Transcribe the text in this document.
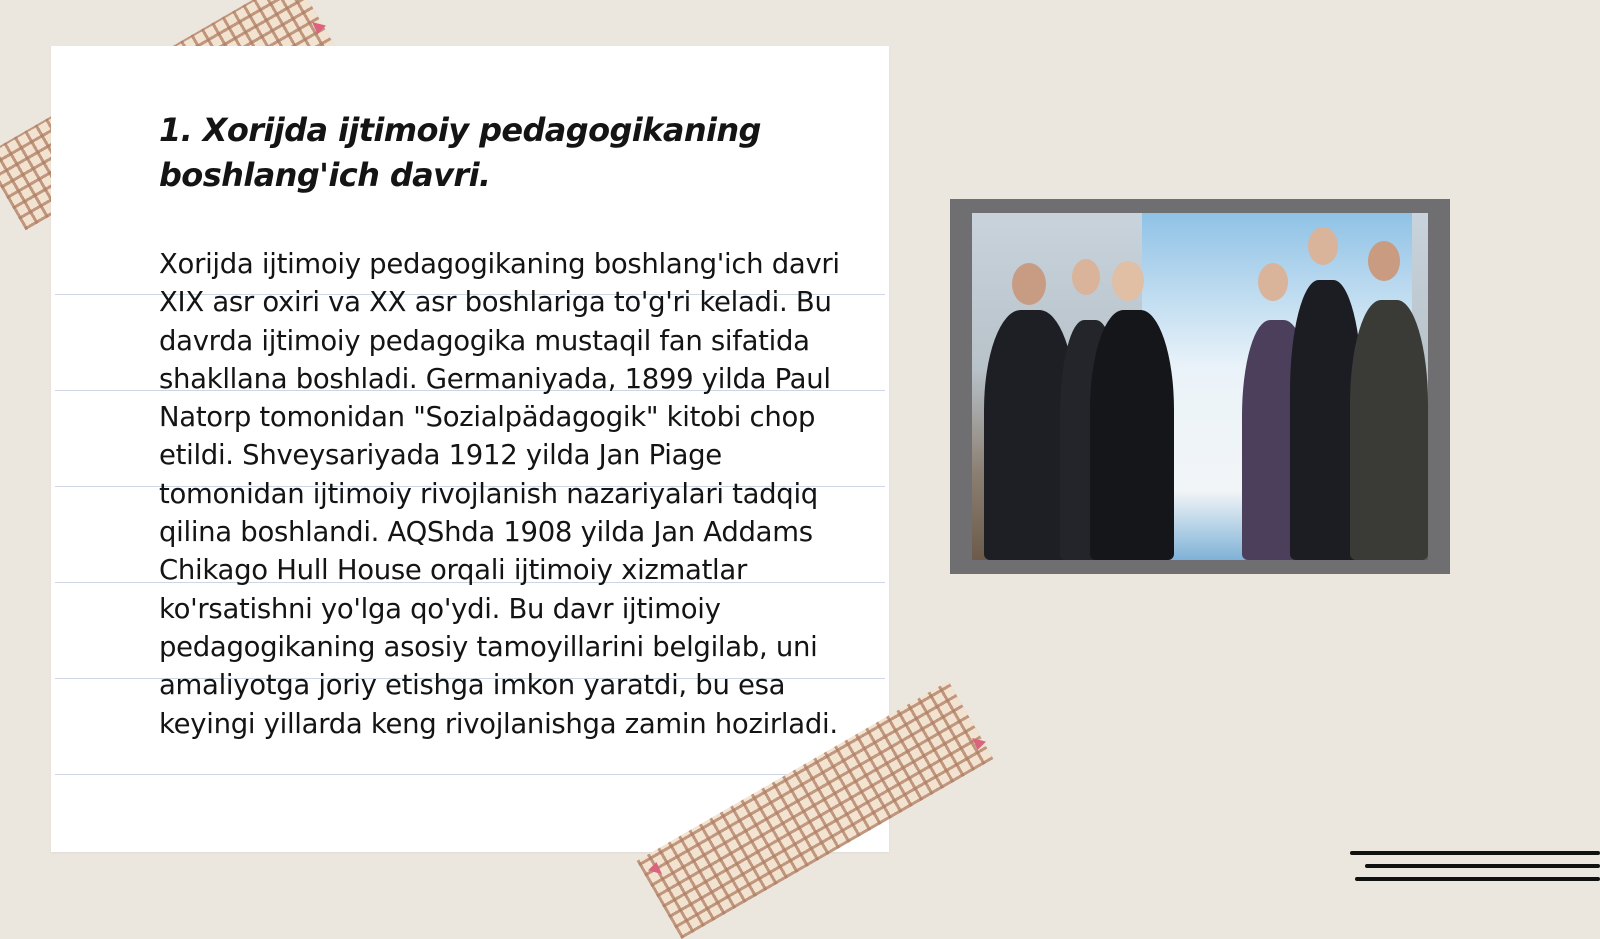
1. Xorijda ijtimoiy pedagogikaning boshlang'ich davri.

Xorijda ijtimoiy pedagogikaning boshlang'ich davri XIX asr oxiri va XX asr boshlariga to'g'ri keladi. Bu davrda ijtimoiy pedagogika mustaqil fan sifatida shakllana boshladi. Germaniyada, 1899 yilda Paul Natorp tomonidan "Sozialpädagogik" kitobi chop etildi. Shveysariyada 1912 yilda Jan Piage tomonidan ijtimoiy rivojlanish nazariyalari tadqiq qilina boshlandi. AQShda 1908 yilda Jan Addams Chikago Hull House orqali ijtimoiy xizmatlar ko'rsatishni yo'lga qo'ydi. Bu davr ijtimoiy pedagogikaning asosiy tamoyillarini belgilab, uni amaliyotga joriy etishga imkon yaratdi, bu esa keyingi yillarda keng rivojlanishga zamin hozirladi.
